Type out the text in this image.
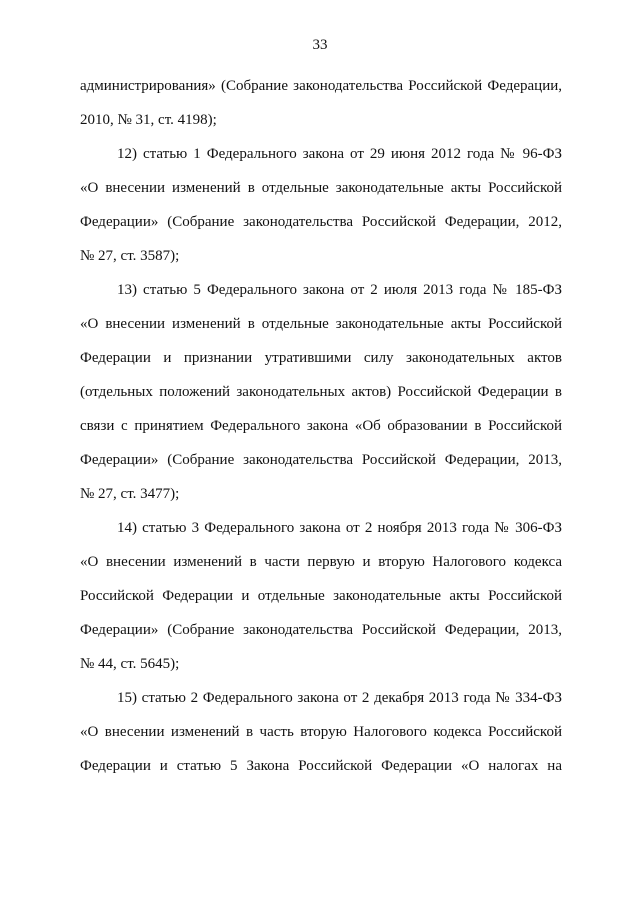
33

администрирования» (Собрание законодательства Российской Федерации,
2010, № 31, ст. 4198);

12) статью 1 Федерального закона от 29 июня 2012 года № 96-ФЗ
«О внесении изменений в отдельные законодательные акты Российской
Федерации» (Собрание законодательства Российской Федерации, 2012,
№ 27, ст. 3587);

13) статью 5 Федерального закона от 2 июля 2013 года № 185-ФЗ
«О внесении изменений в отдельные законодательные акты Российской
Федерации и признании утратившими силу законодательных актов
(отдельных положений законодательных актов) Российской Федерации в
связи с принятием Федерального закона «Об образовании в Российской
Федерации» (Собрание законодательства Российской Федерации, 2013,
№ 27, ст. 3477);

14) статью 3 Федерального закона от 2 ноября 2013 года № 306-ФЗ
«О внесении изменений в части первую и вторую Налогового кодекса
Российской Федерации и отдельные законодательные акты Российской
Федерации» (Собрание законодательства Российской Федерации, 2013,
№ 44, ст. 5645);

15) статью 2 Федерального закона от 2 декабря 2013 года № 334-ФЗ
«О внесении изменений в часть вторую Налогового кодекса Российской
Федерации и статью 5 Закона Российской Федерации «О налогах на
